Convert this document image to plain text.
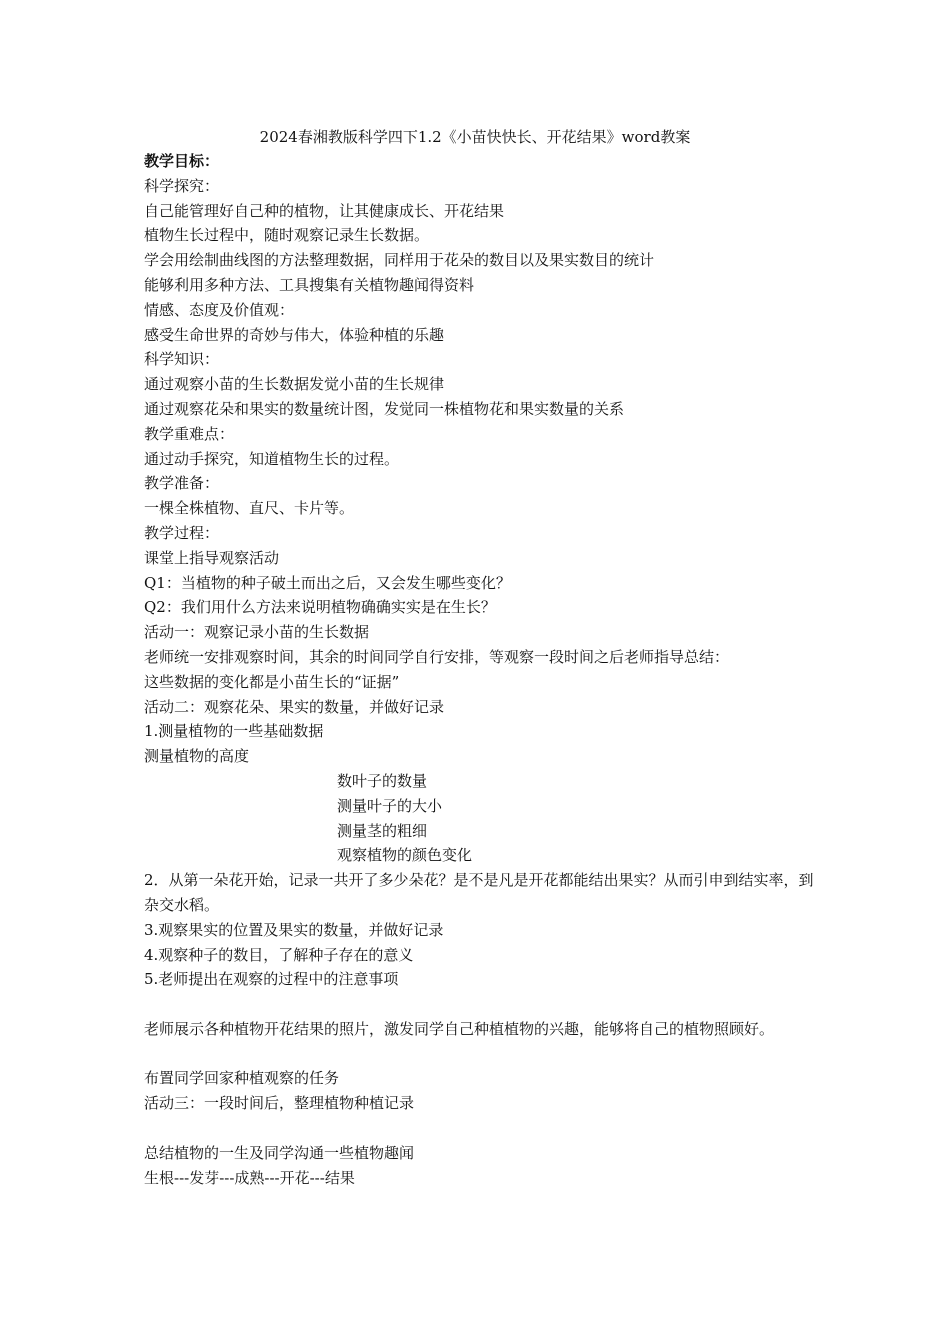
2024春湘教版科学四下1.2《小苗快快长、开花结果》word教案
教学目标：
科学探究：
自己能管理好自己种的植物，让其健康成长、开花结果
植物生长过程中，随时观察记录生长数据。
学会用绘制曲线图的方法整理数据，同样用于花朵的数目以及果实数目的统计
能够利用多种方法、工具搜集有关植物趣闻得资料
情感、态度及价值观：
感受生命世界的奇妙与伟大，体验种植的乐趣
科学知识：
通过观察小苗的生长数据发觉小苗的生长规律
通过观察花朵和果实的数量统计图，发觉同一株植物花和果实数量的关系
教学重难点：
通过动手探究，知道植物生长的过程。
教学准备：
一棵全株植物、直尺、卡片等。
教学过程：
课堂上指导观察活动
Q1：当植物的种子破土而出之后，又会发生哪些变化？
Q2：我们用什么方法来说明植物确确实实是在生长？
活动一：观察记录小苗的生长数据
老师统一安排观察时间，其余的时间同学自行安排，等观察一段时间之后老师指导总结：
这些数据的变化都是小苗生长的“证据”
活动二：观察花朵、果实的数量，并做好记录
1.测量植物的一些基础数据
测量植物的高度
数叶子的数量
测量叶子的大小
测量茎的粗细
观察植物的颜色变化
2．从第一朵花开始，记录一共开了多少朵花？是不是凡是开花都能结出果实？从而引申到结实率，到杂交水稻。
3.观察果实的位置及果实的数量，并做好记录
4.观察种子的数目，了解种子存在的意义
5.老师提出在观察的过程中的注意事项
老师展示各种植物开花结果的照片，激发同学自己种植植物的兴趣，能够将自己的植物照顾好。
布置同学回家种植观察的任务
活动三：一段时间后，整理植物种植记录
总结植物的一生及同学沟通一些植物趣闻
生根---发芽---成熟---开花---结果
